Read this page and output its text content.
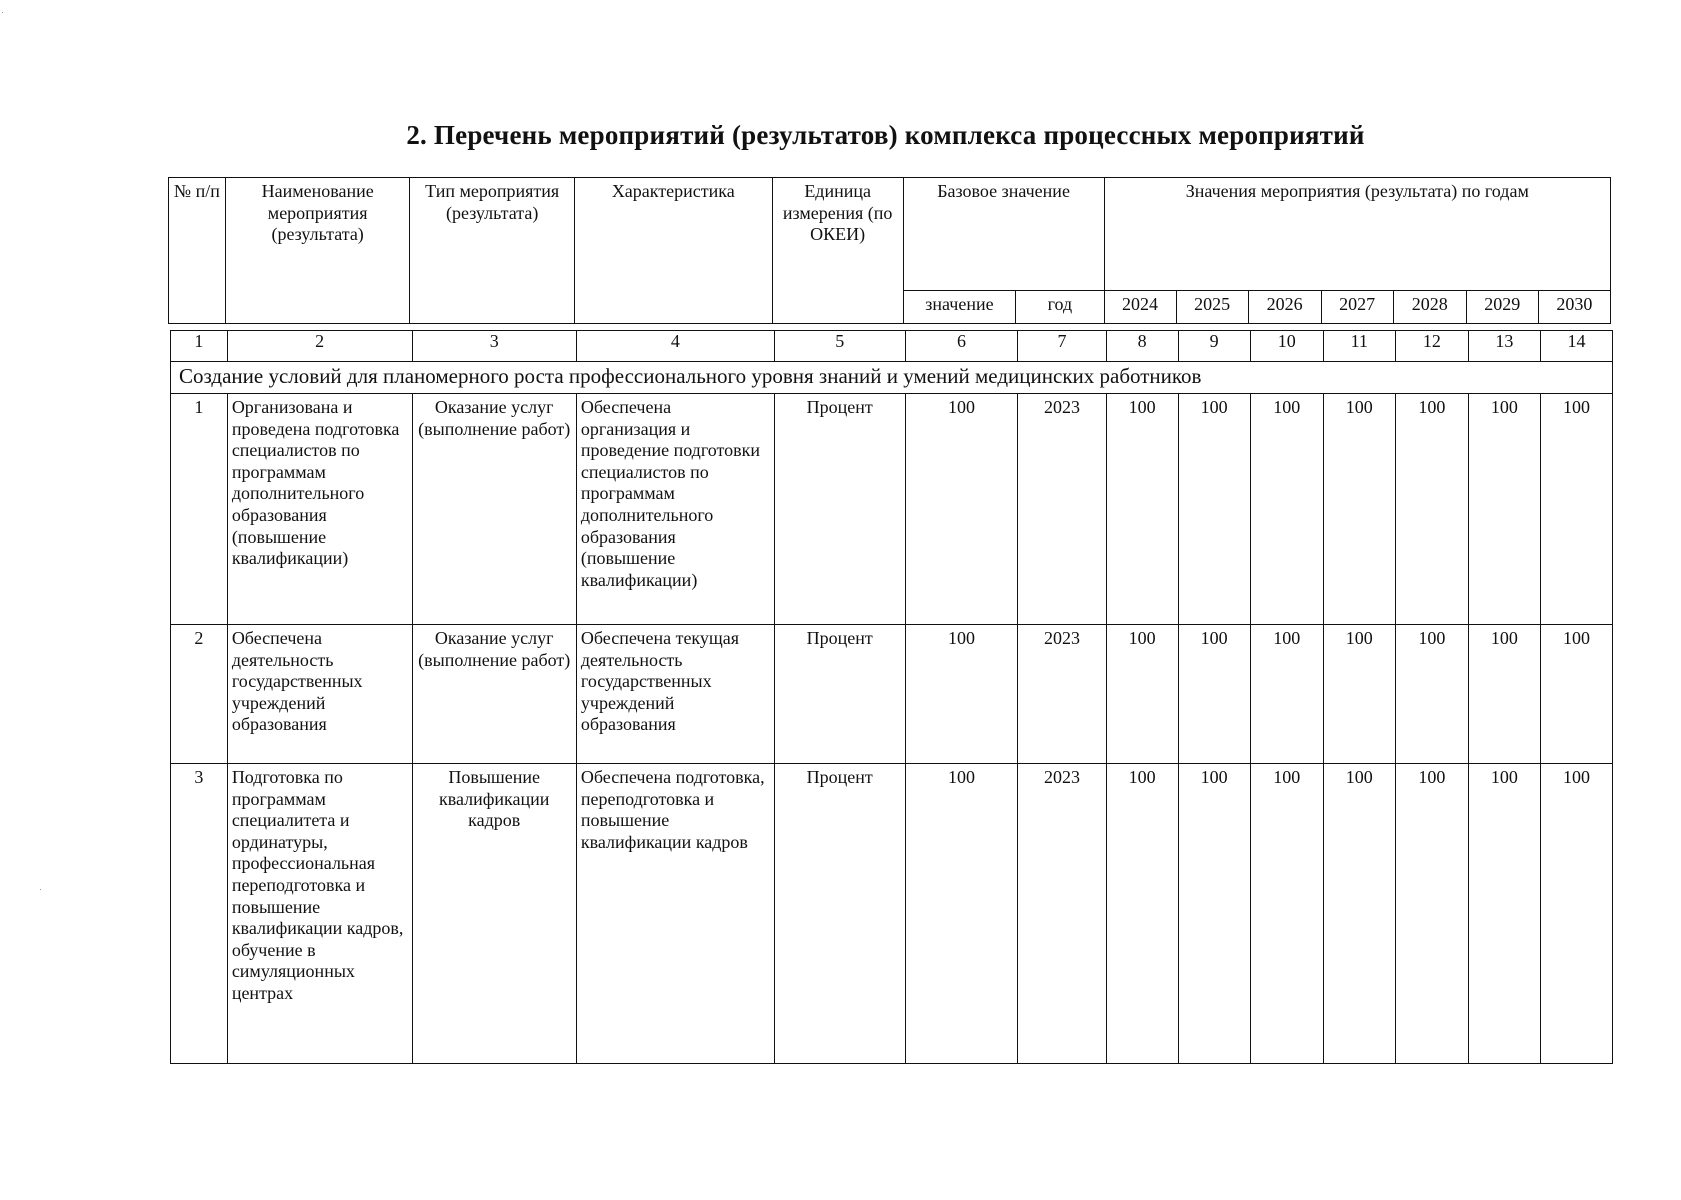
2. Перечень мероприятий (результатов) комплекса процессных мероприятий
№ п/п	Наименование мероприятия (результата)	Тип мероприятия (результата)	Характеристика	Единица измерения (по ОКЕИ)	Базовое значение		Значения мероприятия (результата) по годам						
					значение	год	2024	2025	2026	2027	2028	2029	2030
1	2	3	4	5	6	7	8	9	10	11	12	13	14
Создание условий для планомерного роста профессионального уровня знаний и умений медицинских работников													
1	Организована и проведена подготовка специалистов по программам дополнительного образования (повышение квалификации)	Оказание услуг (выполнение работ)	Обеспечена организация и проведение подготовки специалистов по программам дополнительного образования (повышение квалификации)	Процент	100	2023	100	100	100	100	100	100	100
2	Обеспечена деятельность государственных учреждений образования	Оказание услуг (выполнение работ)	Обеспечена текущая деятельность государственных учреждений образования	Процент	100	2023	100	100	100	100	100	100	100
3	Подготовка по программам специалитета и ординатуры, профессиональная переподготовка и повышение квалификации кадров, обучение в симуляционных центрах	Повышение квалификации кадров	Обеспечена подготовка, переподготовка и повышение квалификации кадров	Процент	100	2023	100	100	100	100	100	100	100
